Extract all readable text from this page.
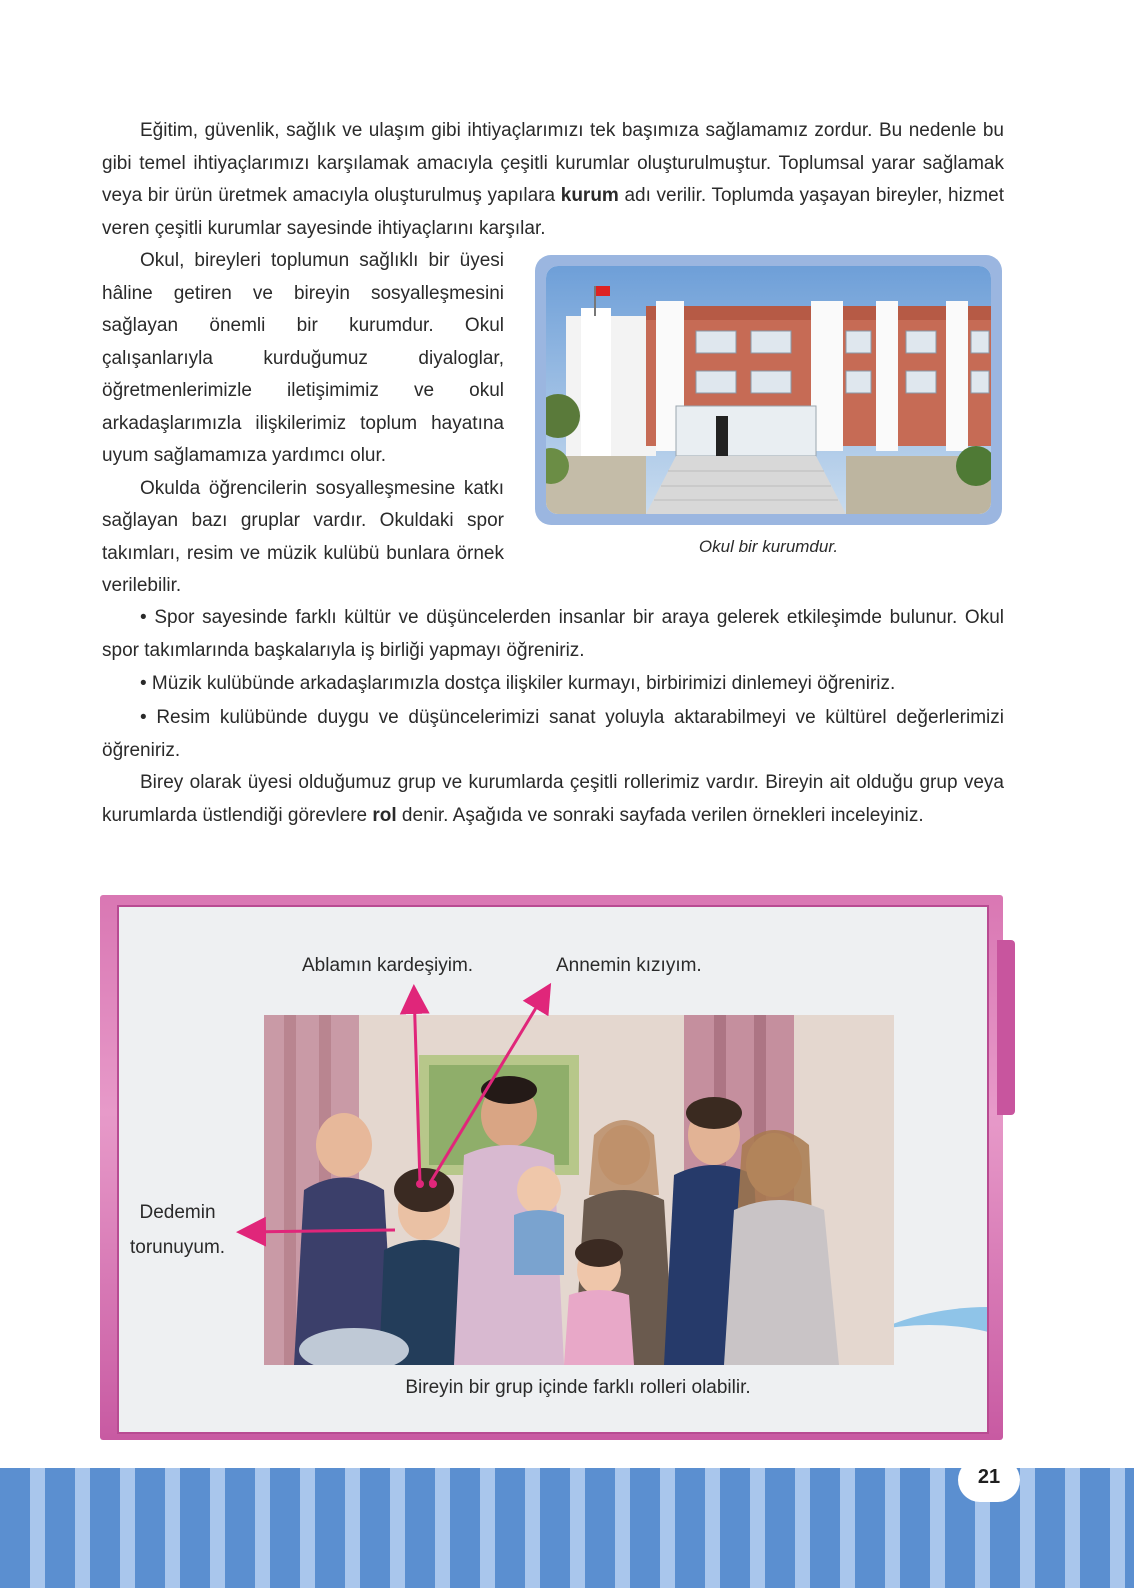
Eğitim, güvenlik, sağlık ve ulaşım gibi ihtiyaçlarımızı tek başımıza sağlamamız zordur. Bu nedenle bu gibi temel ihtiyaçlarımızı karşılamak amacıyla çeşitli kurumlar oluşturulmuştur. Toplumsal yarar sağlamak veya bir ürün üretmek amacıyla oluşturulmuş yapılara kurum adı verilir. Toplumda yaşayan bireyler, hizmet veren çeşitli kurumlar sayesinde ihtiyaçlarını karşılar.

Okul, bireyleri toplumun sağlıklı bir üyesi hâline getiren ve bireyin sosyalleşmesini sağlayan önemli bir kurumdur. Okul çalışanlarıyla kurduğumuz diyaloglar, öğretmenlerimizle iletişimimiz ve okul arkadaşlarımızla ilişkilerimiz toplum hayatına uyum sağlamamıza yardımcı olur.

Okulda öğrencilerin sosyalleşmesine katkı sağlayan bazı gruplar vardır. Okuldaki spor takımları, resim ve müzik kulübü bunlara örnek verilebilir.

Okul bir kurumdur.

• Spor sayesinde farklı kültür ve düşüncelerden insanlar bir araya gelerek etkileşimde bulunur. Okul spor takımlarında başkalarıyla iş birliği yapmayı öğreniriz.

• Müzik kulübünde arkadaşlarımızla dostça ilişkiler kurmayı, birbirimizi dinlemeyi öğreniriz.

• Resim kulübünde duygu ve düşüncelerimizi sanat yoluyla aktarabilmeyi ve kültürel değerlerimizi öğreniriz.

Birey olarak üyesi olduğumuz grup ve kurumlarda çeşitli rollerimiz vardır. Bireyin ait olduğu grup veya kurumlarda üstlendiği görevlere rol denir. Aşağıda ve sonraki sayfada verilen örnekleri inceleyiniz.

Ablamın kardeşiyim.	Annemin kızıyım.
Dedemin
torunuyum.
Bireyin bir grup içinde farklı rolleri olabilir.
21
